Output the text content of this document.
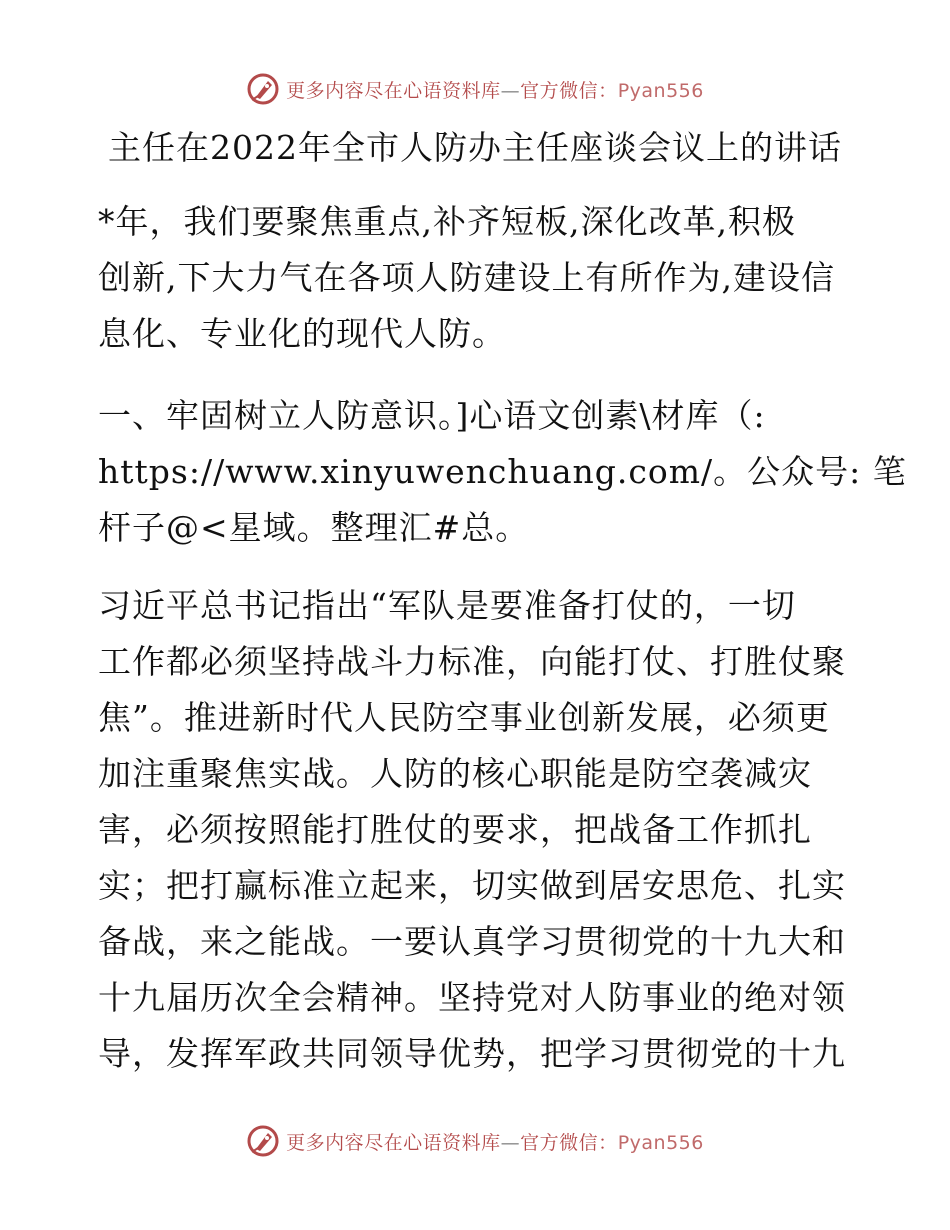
更多内容尽在心语资料库—官方微信：Pyan556
主任在2022年全市人防办主任座谈会议上的讲话

*年，我们要聚焦重点,补齐短板,深化改革,积极
创新,下大力气在各项人防建设上有所作为,建设信
息化、专业化的现代人防。

一、牢固树立人防意识。]心语文创素\材库（:
https://www.xinyuwenchuang.com/。公众号: 笔
杆子@<星域。整理汇#总。

习近平总书记指出“军队是要准备打仗的，一切
工作都必须坚持战斗力标准，向能打仗、打胜仗聚
焦”。推进新时代人民防空事业创新发展，必须更
加注重聚焦实战。人防的核心职能是防空袭减灾
害，必须按照能打胜仗的要求，把战备工作抓扎
实；把打赢标准立起来，切实做到居安思危、扎实
备战，来之能战。一要认真学习贯彻党的十九大和
十九届历次全会精神。坚持党对人防事业的绝对领
导，发挥军政共同领导优势，把学习贯彻党的十九

更多内容尽在心语资料库—官方微信：Pyan556
